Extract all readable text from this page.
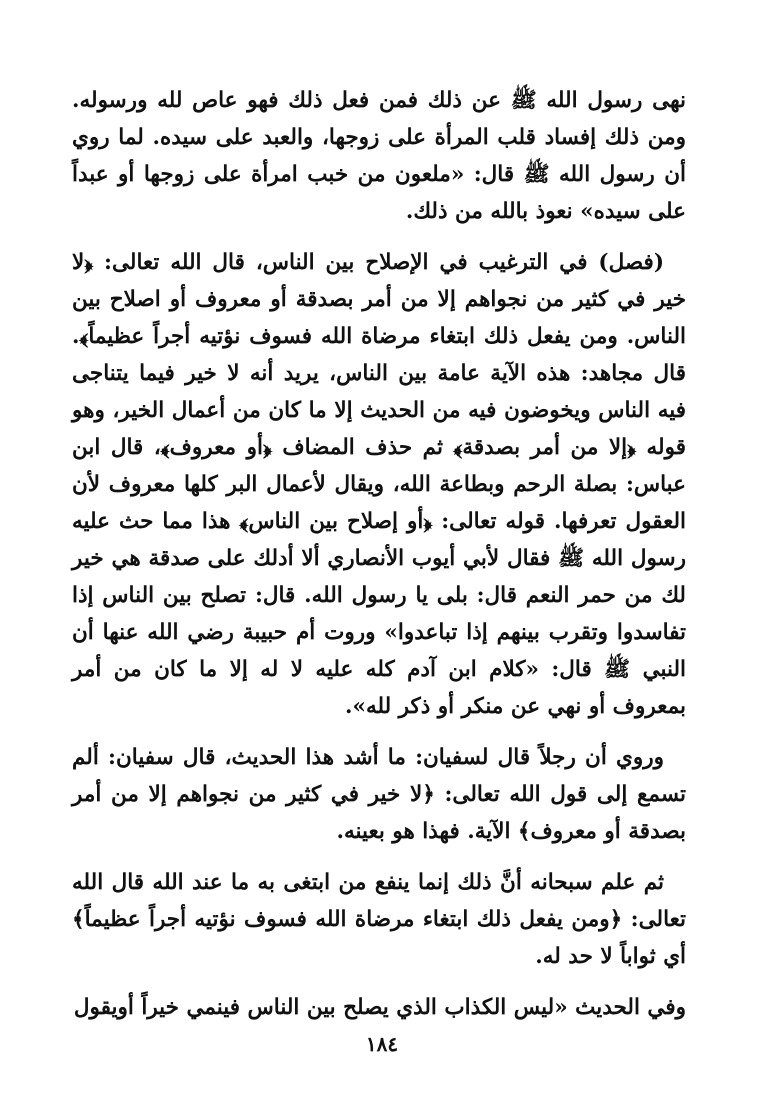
نهى رسول الله ﷺ عن ذلك فمن فعل ذلك فهو عاص لله ورسوله. ومن ذلك إفساد قلب المرأة على زوجها، والعبد على سيده. لما روي أن رسول الله ﷺ قال: «ملعون من خبب امرأة على زوجها أو عبداً على سيده» نعوذ بالله من ذلك.

(فصل) في الترغيب في الإصلاح بين الناس، قال الله تعالى: ﴿لا خير في كثير من نجواهم إلا من أمر بصدقة أو معروف أو اصلاح بين الناس. ومن يفعل ذلك ابتغاء مرضاة الله فسوف نؤتيه أجراً عظيماً﴾. قال مجاهد: هذه الآية عامة بين الناس، يريد أنه لا خير فيما يتناجى فيه الناس ويخوضون فيه من الحديث إلا ما كان من أعمال الخير، وهو قوله ﴿إلا من أمر بصدقة﴾ ثم حذف المضاف ﴿أو معروف﴾، قال ابن عباس: بصلة الرحم وبطاعة الله، ويقال لأعمال البر كلها معروف لأن العقول تعرفها. قوله تعالى: ﴿أو إصلاح بين الناس﴾ هذا مما حث عليه رسول الله ﷺ فقال لأبي أيوب الأنصاري ألا أدلك على صدقة هي خير لك من حمر النعم قال: بلى يا رسول الله. قال: تصلح بين الناس إذا تفاسدوا وتقرب بينهم إذا تباعدوا» وروت أم حبيبة رضي الله عنها أن النبي ﷺ قال: «كلام ابن آدم كله عليه لا له إلا ما كان من أمر بمعروف أو نهي عن منكر أو ذكر لله».

وروي أن رجلاً قال لسفيان: ما أشد هذا الحديث، قال سفيان: ألم تسمع إلى قول الله تعالى: ﴿لا خير في كثير من نجواهم إلا من أمر بصدقة أو معروف﴾ الآية. فهذا هو بعينه.

ثم علم سبحانه أنَّ ذلك إنما ينفع من ابتغى به ما عند الله قال الله تعالى: ﴿ومن يفعل ذلك ابتغاء مرضاة الله فسوف نؤتيه أجراً عظيماً﴾ أي ثواباً لا حد له.

وفي الحديث «ليس الكذاب الذي يصلح بين الناس فينمي خيراً أويقول

١٨٤
